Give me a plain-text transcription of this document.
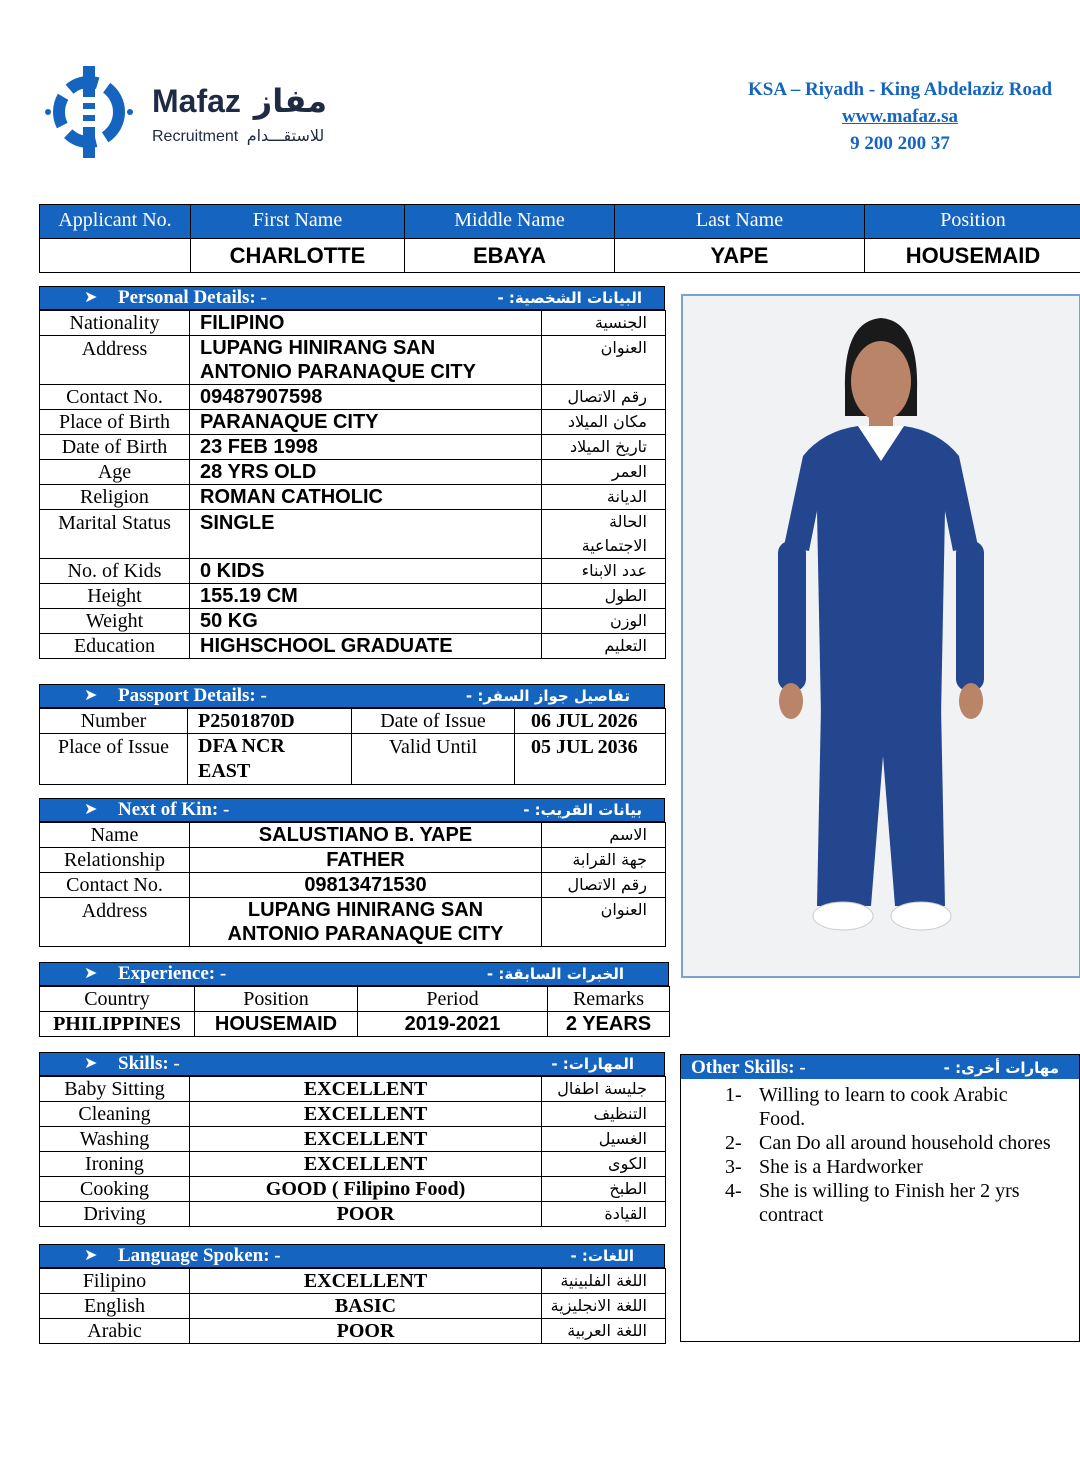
Mafaz مفاز
Recruitment للاستقـــدام
KSA – Riyadh - King Abdelaziz Road
www.mafaz.sa
9 200 200 37
Applicant No.	First Name	Middle Name	Last Name	Position
	CHARLOTTE	EBAYA	YAPE	HOUSEMAID
➤ Personal Details: -	البيانات الشخصية: -
Nationality	FILIPINO	الجنسية
Address	LUPANG HINIRANG SAN ANTONIO PARANAQUE CITY	العنوان
Contact No.	09487907598	رقم الاتصال
Place of Birth	PARANAQUE CITY	مكان الميلاد
Date of Birth	23 FEB 1998	تاريخ الميلاد
Age	28 YRS OLD	العمر
Religion	ROMAN CATHOLIC	الديانة
Marital Status	SINGLE	الحالة الاجتماعية
No. of Kids	0 KIDS	عدد الابناء
Height	155.19 CM	الطول
Weight	50 KG	الوزن
Education	HIGHSCHOOL GRADUATE	التعليم
➤ Passport Details: -	تفاصيل جواز السفر: -
Number	P2501870D	Date of Issue	06 JUL 2026
Place of Issue	DFA NCR EAST	Valid Until	05 JUL 2036
➤ Next of Kin: -	بيانات القريب: -
Name	SALUSTIANO B. YAPE	الاسم
Relationship	FATHER	جهة القرابة
Contact No.	09813471530	رقم الاتصال
Address	LUPANG HINIRANG SAN ANTONIO PARANAQUE CITY	العنوان
➤ Experience: -	الخبرات السابقة: -
Country	Position	Period	Remarks
PHILIPPINES	HOUSEMAID	2019-2021	2 YEARS
➤ Skills: -	المهارات: -
Baby Sitting	EXCELLENT	جليسة اطفال
Cleaning	EXCELLENT	التنظيف
Washing	EXCELLENT	الغسيل
Ironing	EXCELLENT	الكوى
Cooking	GOOD ( Filipino Food)	الطبخ
Driving	POOR	القيادة
➤ Language Spoken: -	اللغات: -
Filipino	EXCELLENT	اللغة الفلبينية
English	BASIC	اللغة الانجليزية
Arabic	POOR	اللغة العربية
Other Skills: -	مهارات أخرى: -
1- Willing to learn to cook Arabic Food.
2- Can Do all around household chores
3- She is a Hardworker
4- She is willing to Finish her 2 yrs contract
